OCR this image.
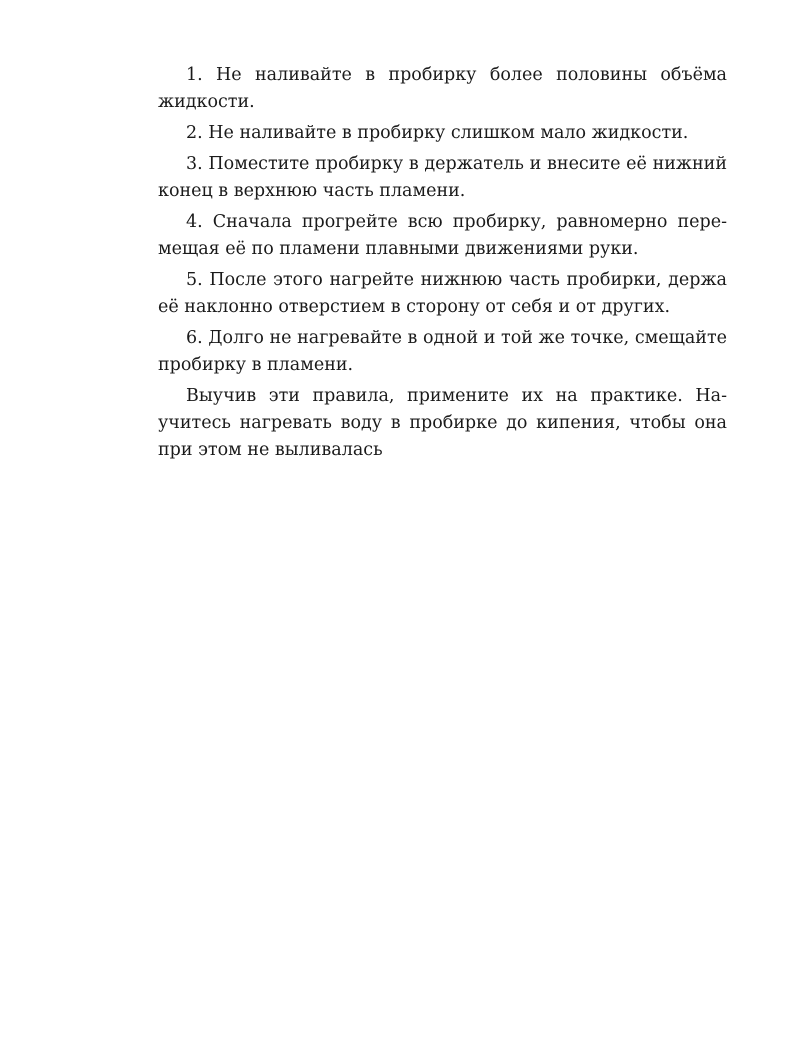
1. Не наливайте в пробирку более половины объёма жидкости.

2. Не наливайте в пробирку слишком мало жидкости.

3. Поместите пробирку в держатель и внесите её нижний конец в верхнюю часть пламени.

4. Сначала прогрейте всю пробирку, равномерно перемещая её по пламени плавными движениями руки.

5. После этого нагрейте нижнюю часть пробирки, держа её наклонно отверстием в сторону от себя и от других.

6. Долго не нагревайте в одной и той же точке, смещайте пробирку в пламени.

Выучив эти правила, примените их на практике. Научитесь нагревать воду в пробирке до кипения, чтобы она при этом не выливалась
